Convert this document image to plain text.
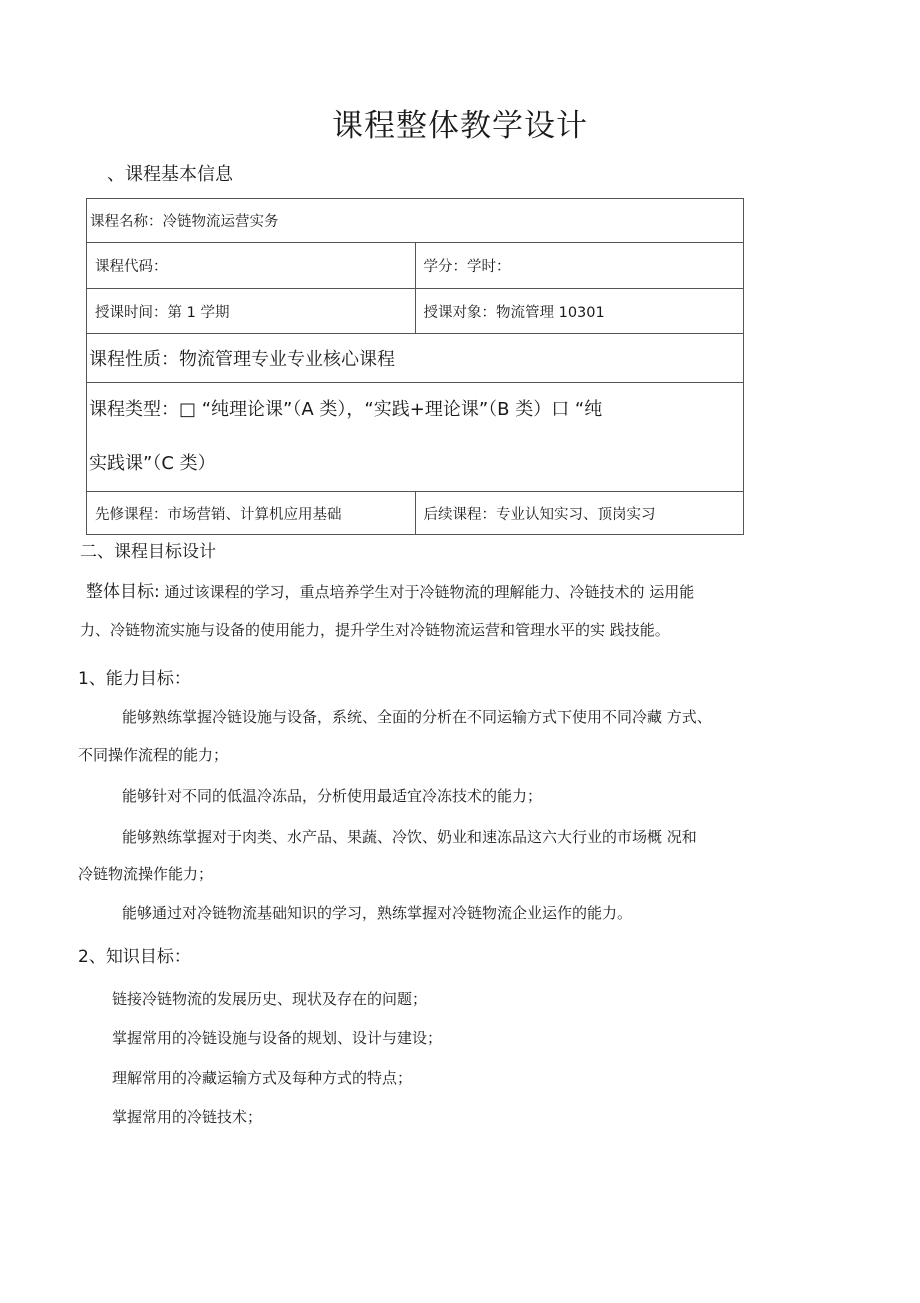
课程整体教学设计
、课程基本信息
课程名称：冷链物流运营实务	
课程代码：	学分：学时：
授课时间：第 1 学期	授课对象：物流管理 10301
课程性质：物流管理专业专业核心课程	

课程类型：□ “纯理论课”（A 类），“实践+理论课”（B 类）口 “纯
实践课”（C 类）	

先修课程：市场营销、计算机应用基础	后续课程：专业认知实习、顶岗实习
二、课程目标设计
整体目标: 通过该课程的学习，重点培养学生对于冷链物流的理解能力、冷链技术的 运用能
力、冷链物流实施与设备的使用能力，提升学生对冷链物流运营和管理水平的实 践技能。
1、能力目标：
能够熟练掌握冷链设施与设备，系统、全面的分析在不同运输方式下使用不同冷藏 方式、
不同操作流程的能力；
能够针对不同的低温冷冻品，分析使用最适宜冷冻技术的能力；
能够熟练掌握对于肉类、水产品、果蔬、冷饮、奶业和速冻品这六大行业的市场概 况和
冷链物流操作能力；
能够通过对冷链物流基础知识的学习，熟练掌握对冷链物流企业运作的能力。
2、知识目标：
链接冷链物流的发展历史、现状及存在的问题；
掌握常用的冷链设施与设备的规划、设计与建设；
理解常用的冷藏运输方式及每种方式的特点；
掌握常用的冷链技术；
